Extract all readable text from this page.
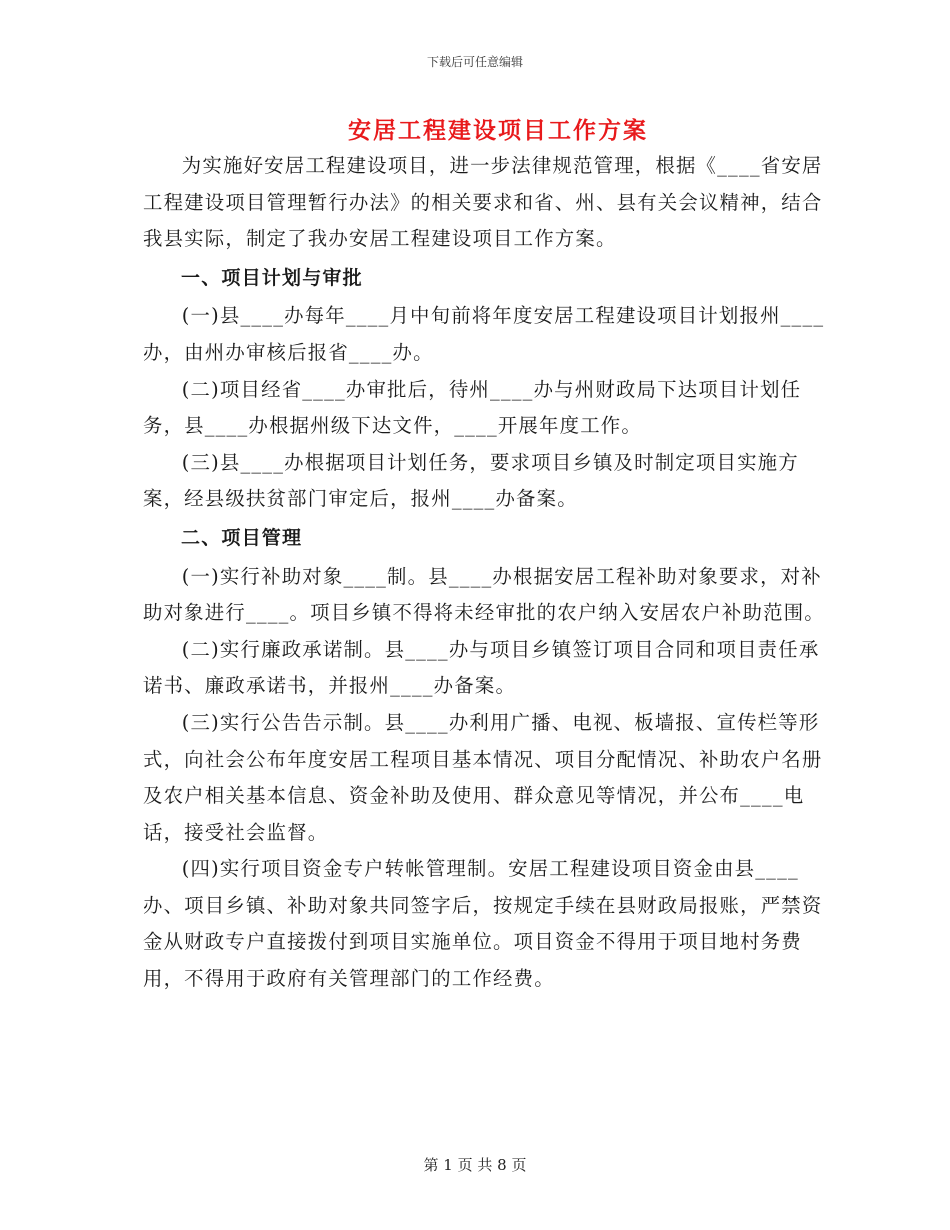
下载后可任意编辑
安居工程建设项目工作方案

为实施好安居工程建设项目，进一步法律规范管理，根据《____省安居工程建设项目管理暂行办法》的相关要求和省、州、县有关会议精神，结合我县实际，制定了我办安居工程建设项目工作方案。

一、项目计划与审批

(一)县____办每年____月中旬前将年度安居工程建设项目计划报州____办，由州办审核后报省____办。

(二)项目经省____办审批后，待州____办与州财政局下达项目计划任务，县____办根据州级下达文件，____开展年度工作。

(三)县____办根据项目计划任务，要求项目乡镇及时制定项目实施方案，经县级扶贫部门审定后，报州____办备案。

二、项目管理

(一)实行补助对象____制。县____办根据安居工程补助对象要求，对补助对象进行____。项目乡镇不得将未经审批的农户纳入安居农户补助范围。

(二)实行廉政承诺制。县____办与项目乡镇签订项目合同和项目责任承诺书、廉政承诺书，并报州____办备案。

(三)实行公告告示制。县____办利用广播、电视、板墙报、宣传栏等形式，向社会公布年度安居工程项目基本情况、项目分配情况、补助农户名册及农户相关基本信息、资金补助及使用、群众意见等情况，并公布____电话，接受社会监督。

(四)实行项目资金专户转帐管理制。安居工程建设项目资金由县____办、项目乡镇、补助对象共同签字后，按规定手续在县财政局报账，严禁资金从财政专户直接拨付到项目实施单位。项目资金不得用于项目地村务费用，不得用于政府有关管理部门的工作经费。

第 1 页 共 8 页
